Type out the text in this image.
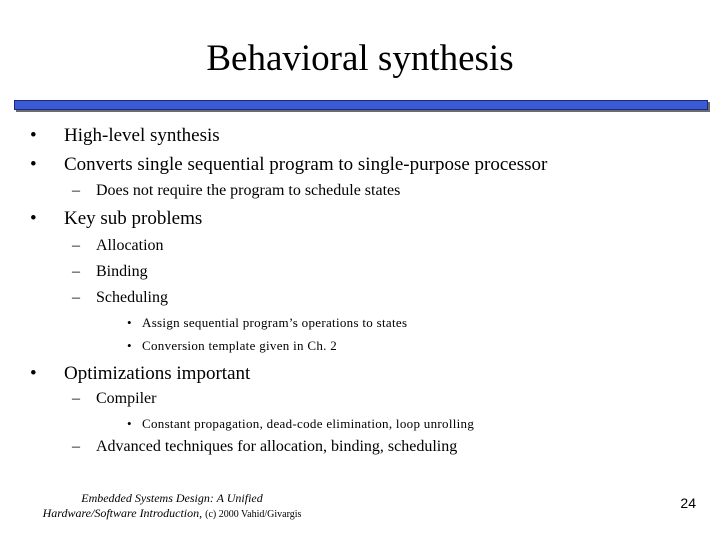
Behavioral synthesis
• High-level synthesis
• Converts single sequential program to single-purpose processor
– Does not require the program to schedule states
• Key sub problems
– Allocation
– Binding
– Scheduling
• Assign sequential program’s operations to states
• Conversion template given in Ch. 2
• Optimizations important
– Compiler
• Constant propagation, dead-code elimination, loop unrolling
– Advanced techniques for allocation, binding, scheduling
Embedded Systems Design: A Unified
Hardware/Software Introduction, (c) 2000 Vahid/Givargis
24
